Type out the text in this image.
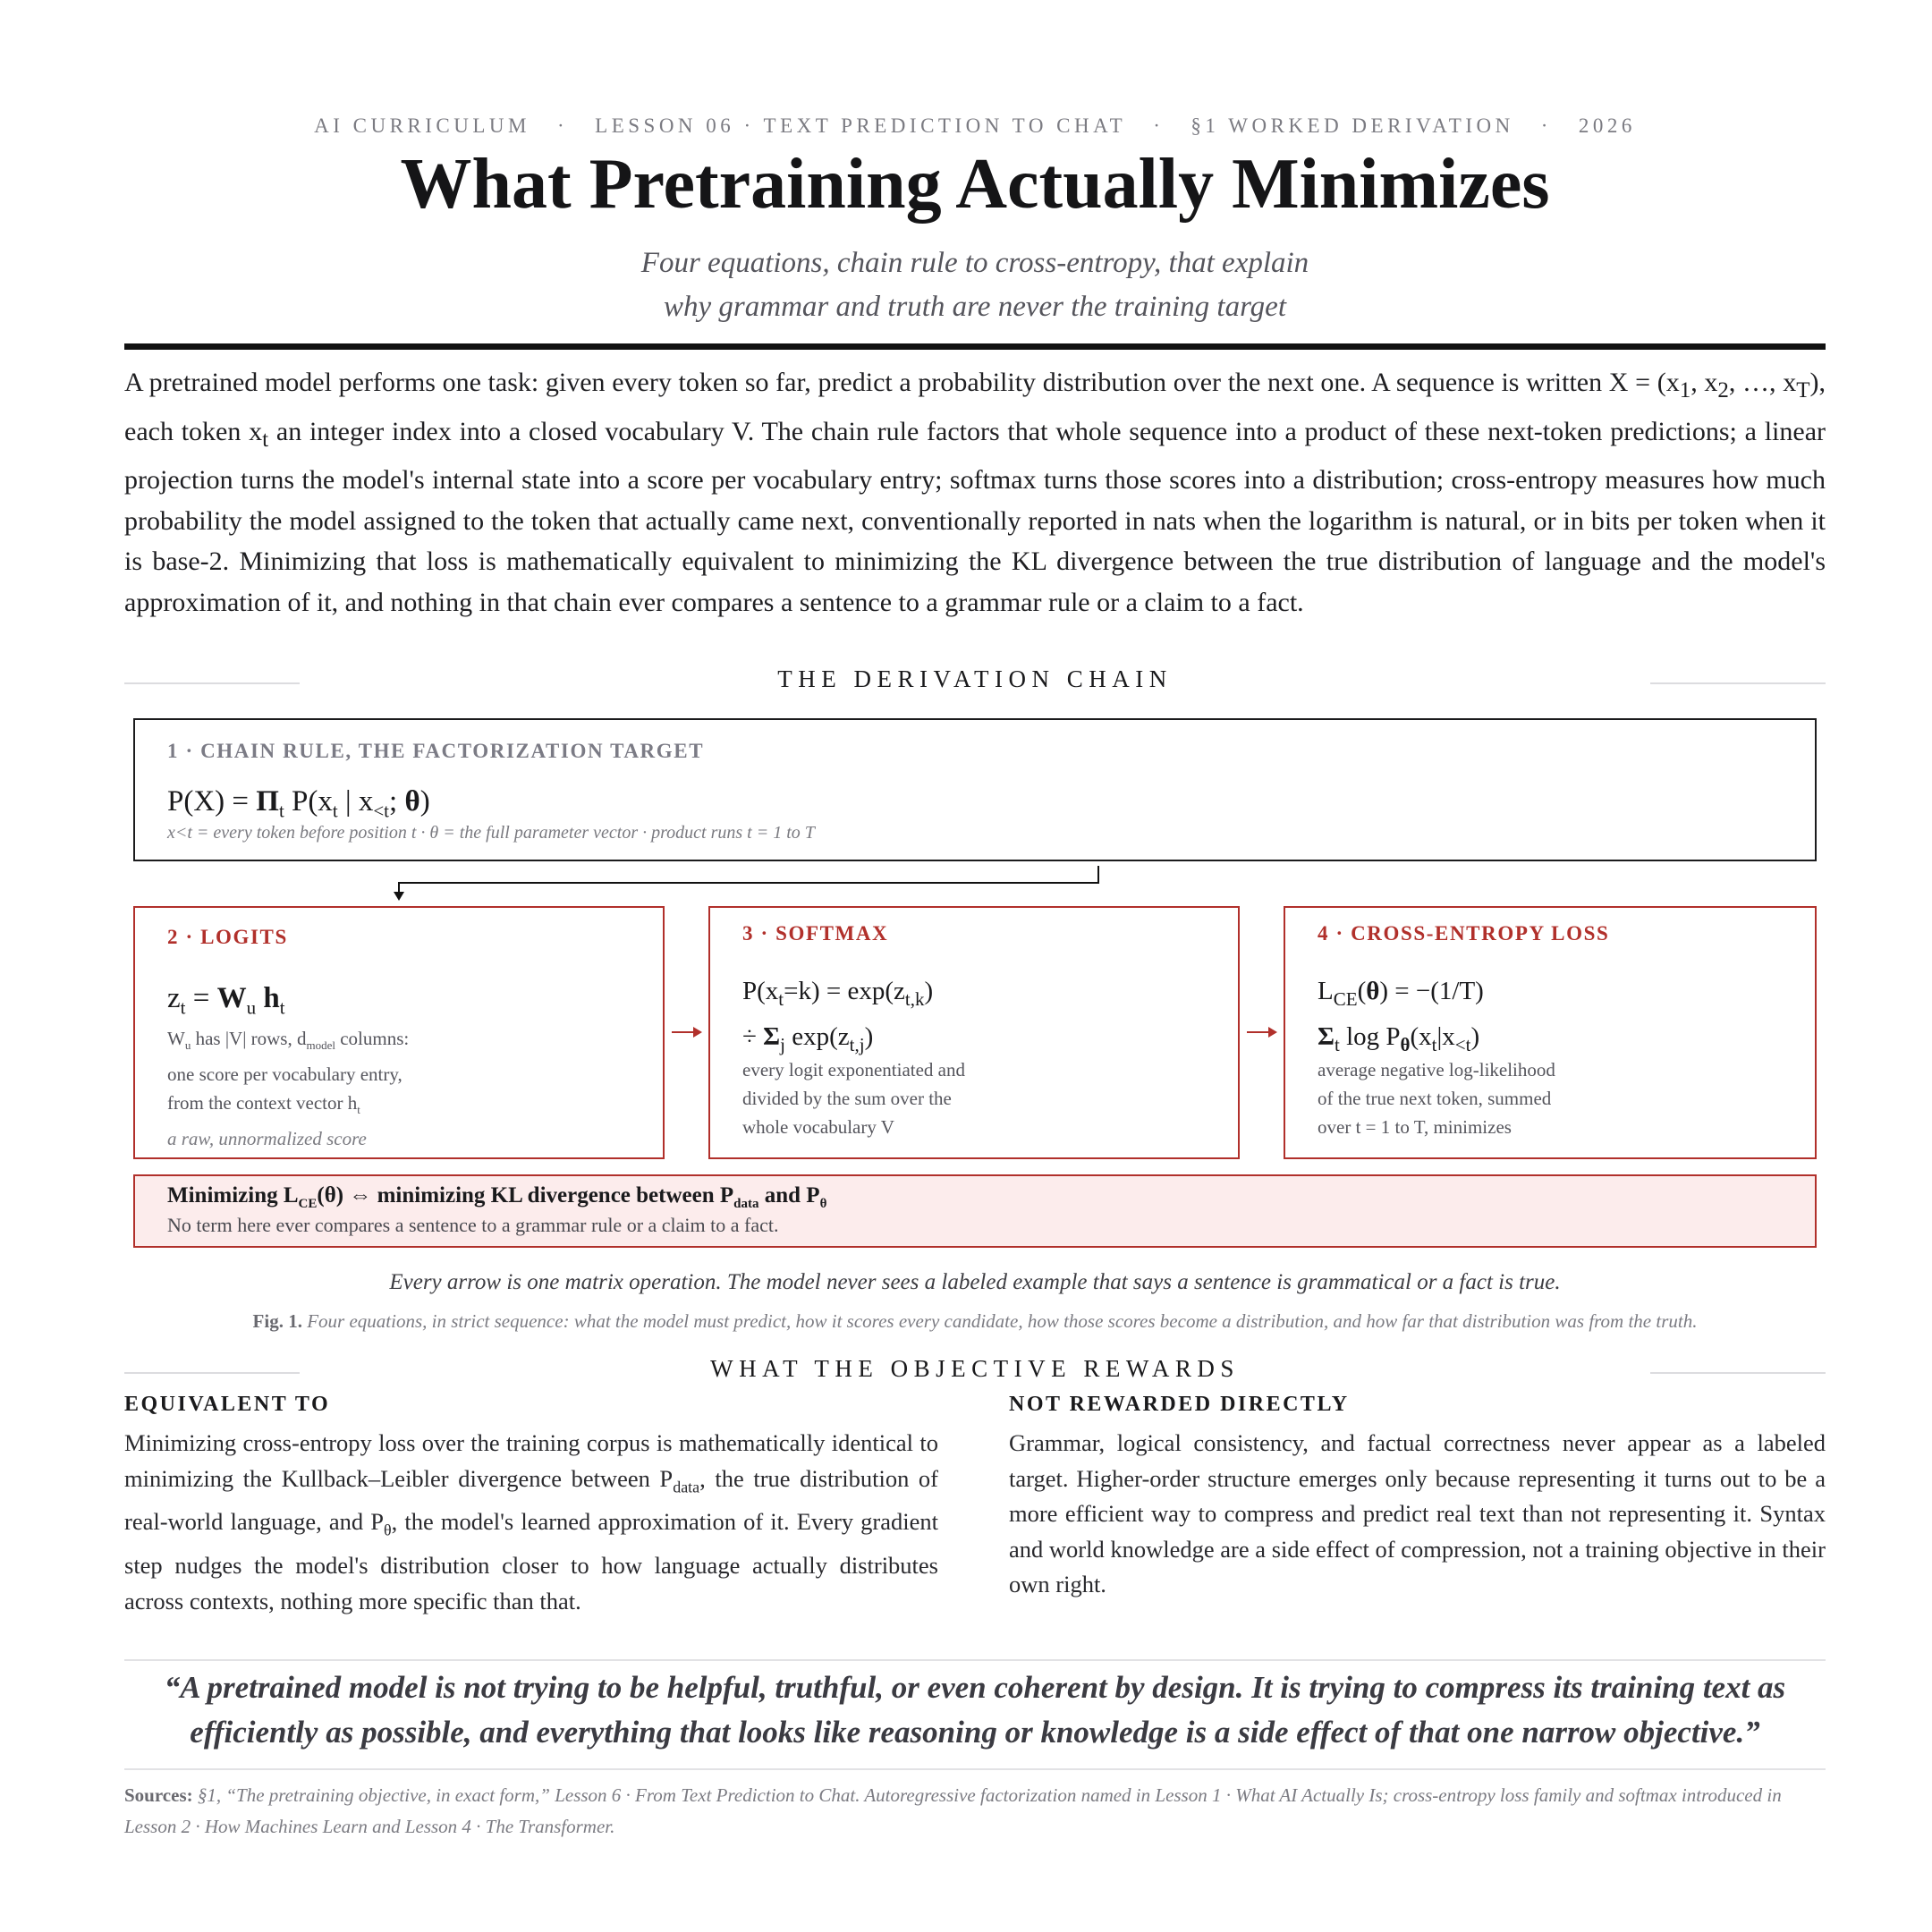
AI CURRICULUM · LESSON 06 · TEXT PREDICTION TO CHAT · §1 WORKED DERIVATION · 2026
What Pretraining Actually Minimizes
Four equations, chain rule to cross-entropy, that explain
why grammar and truth are never the training target
A pretrained model performs one task: given every token so far, predict a probability distribution over the next one. A sequence is written $X = (x_1$, $x_2$, …, $x_T$), each token $x_t$ an integer index into a closed vocabulary V. The chain rule factors that whole sequence into a product of these next-token predictions; a linear projection turns the model's internal state into a score per vocabulary entry; softmax turns those scores into a distribution; cross-entropy measures how much probability the model assigned to the token that actually came next, conventionally reported in nats when the logarithm is natural, or in bits per token when it is base-2. Minimizing that loss is mathematically equivalent to minimizing the KL divergence between the true distribution of language and the model's approximation of it, and nothing in that chain ever compares a sentence to a grammar rule or a claim to a fact.
THE DERIVATION CHAIN
1 · CHAIN RULE, THE FACTORIZATION TARGET
$P(X) = \Pi_t$ $P(x_t$ | $x_{<t}$; θ)
x<t = every token before position t · θ = the full parameter vector · product runs t = 1 to T
2 · LOGITS
$z_t = W_u$ $h_t$
$W_u$ has |V| rows, $d_{model}$ columns:
one score per vocabulary entry,
from the context vector $h_t$
a raw, unnormalized score
3 · SOFTMAX
$P(x_t=k) = \exp(z_{t,k})$
÷ $\Sigma_j$ $\exp(z_{t,j})$
every logit exponentiated and
divided by the sum over the
whole vocabulary V
4 · CROSS-ENTROPY LOSS
$L_{CE}(\theta) = -(1/T)$
$\Sigma_t$ $\log P_\theta(x_t|x_{<t})$
average negative log-likelihood
of the true next token, summed
over t = 1 to T, minimizes
Minimizing $L_{CE}(\theta)$ ⇔ minimizing KL divergence between $P_{data}$ and $P_\theta$
No term here ever compares a sentence to a grammar rule or a claim to a fact.
Every arrow is one matrix operation. The model never sees a labeled example that says a sentence is grammatical or a fact is true.
Fig. 1. Four equations, in strict sequence: what the model must predict, how it scores every candidate, how those scores become a distribution, and how far that distribution was from the truth.
WHAT THE OBJECTIVE REWARDS
EQUIVALENT TO
Minimizing cross-entropy loss over the training corpus is mathematically identical to minimizing the Kullback–Leibler divergence between $P_{data}$, the true distribution of real-world language, and $P_\theta$, the model's learned approximation of it. Every gradient step nudges the model's distribution closer to how language actually distributes across contexts, nothing more specific than that.
NOT REWARDED DIRECTLY
Grammar, logical consistency, and factual correctness never appear as a labeled target. Higher-order structure emerges only because representing it turns out to be a more efficient way to compress and predict real text than not representing it. Syntax and world knowledge are a side effect of compression, not a training objective in their own right.
“A pretrained model is not trying to be helpful, truthful, or even coherent by design. It is trying to compress its training text as efficiently as possible, and everything that looks like reasoning or knowledge is a side effect of that one narrow objective.”
Sources: §1, “The pretraining objective, in exact form,” Lesson 6 · From Text Prediction to Chat. Autoregressive factorization named in Lesson 1 · What AI Actually Is; cross-entropy loss family and softmax introduced in Lesson 2 · How Machines Learn and Lesson 4 · The Transformer.
